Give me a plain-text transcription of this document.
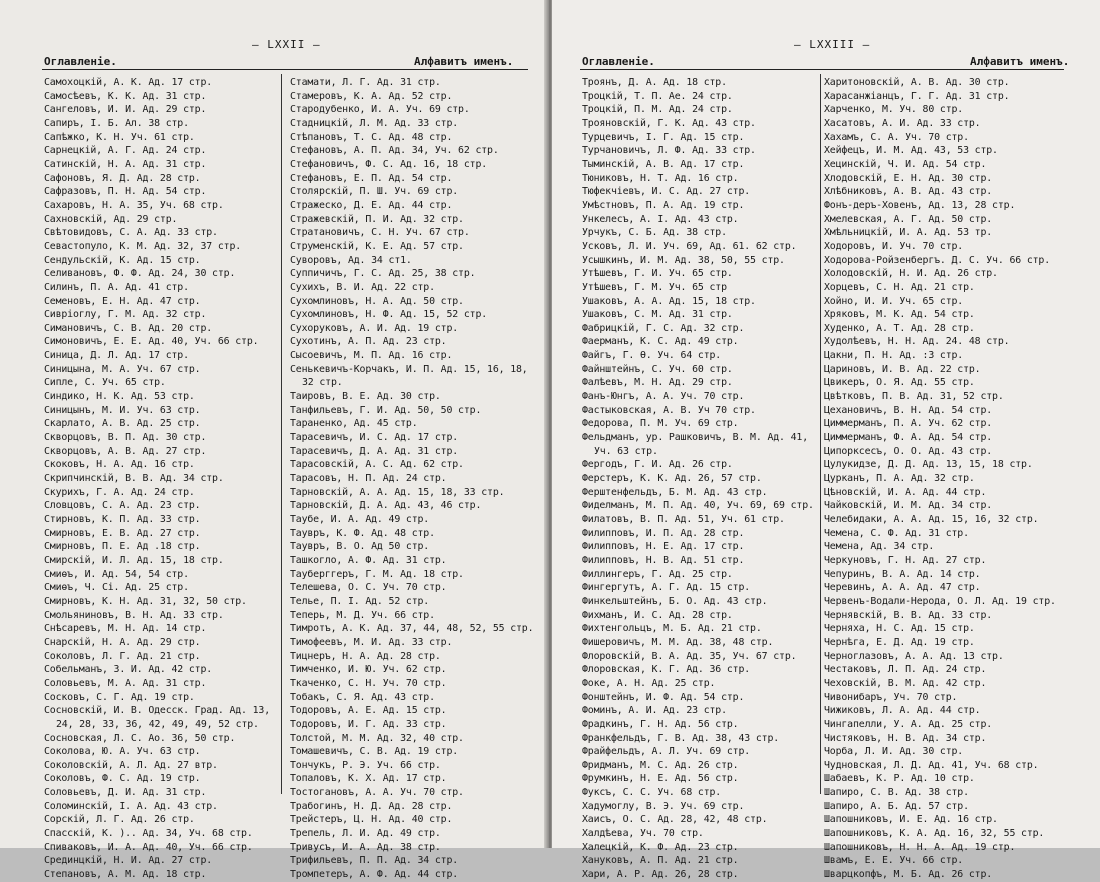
— LXXII —
Оглавленіе.	Алфавитъ именъ.
Самохоцкій, А. К. Ад. 17 стр.
Самосѣевъ, К. К. Ад. 31 стр.
Сангеловъ, И. И. Ад. 29 стр.
Сапиръ, І. Б. Ал. 38 стр.
Сапѣжко, К. Н. Уч. 61 стр.
Сарнецкій, А. Г. Ад. 24 стр.
Сатинскій, Н. А. Ад. 31 стр.
Сафоновъ, Я. Д. Ад. 28 стр.
Сафразовъ, П. Н. Ад. 54 стр.
Сахаровъ, Н. А. 35, Уч. 68 стр.
Сахновскій, Ад. 29 стр.
Свѣтовидовъ, С. А. Ад. 33 стр.
Севастопуло, К. М. Ад. 32, 37 стр.
Сендульскій, К. Ад. 15 стр.
Селивановъ, Ф. Ф. Ад. 24, 30 стр.
Силинъ, П. А. Ад. 41 стр.
Семеновъ, Е. Н. Ад. 47 стр.
Сивріоглу, Г. М. Ад. 32 стр.
Симановичъ, С. В. Ад. 20 стр.
Симоновичъ, Е. Е. Ад. 40, Уч. 66 стр.
Синица, Д. Л. Ад. 17 стр.
Синицына, М. А. Уч. 67 стр.
Сипле, С. Уч. 65 стр.
Синдико, Н. К. Ад. 53 стр.
Синицынъ, М. И. Уч. 63 стр.
Скарлато, А. В. Ад. 25 стр.
Скворцовъ, В. П. Ад. 30 стр.
Скворцовъ, А. В. Ад. 27 стр.
Скоковъ, Н. А. Ад. 16 стр.
Скрипчинскій, В. В. Ад. 34 стр.
Скурихъ, Г. А. Ад. 24 стр.
Словцовъ, С. А. Ад. 23 стр.
Стирновъ, К. П. Ад. 33 стр.
Смирновъ, Е. В. Ад. 27 стр.
Смирновъ, П. Е. Ад .18 стр.
Смирскій, И. Л. Ад. 15, 18 стр.
Смиѳъ, И. Ад. 54, 54 стр.
Смиѳъ, Ч. Сі. Ад. 25 стр.
Смирновъ, К. Н. Ад. 31, 32, 50 стр.
Смольяниновъ, В. Н. Ад. 33 стр.
Снѣсаревъ, М. Н. Ад. 14 стр.
Снарскій, Н. А. Ад. 29 стр.
Соколовъ, Л. Г. Ад. 21 стр.
Собельманъ, З. И. Ад. 42 стр.
Соловьевъ, М. А. Ад. 31 стр.
Сосковъ, С. Г. Ад. 19 стр.
Сосновскій, И. В. Одесск. Град. Ад. 13, 24, 28, 33, 36, 42, 49, 49, 52 стр.
Сосновская, Л. С. Ао. 36, 50 стр.
Соколова, Ю. А. Уч. 63 стр.
Соколовскій, А. Л. Ад. 27 втр.
Соколовъ, Ф. С. Ад. 19 стр.
Соловьевъ, Д. И. Ад. 31 стр.
Соломинскій, І. А. Ад. 43 стр.
Сорскій, Л. Г. Ад. 26 стр.
Спасскій, К. ).. Ад. 34, Уч. 68 стр.
Спиваковъ, И. А. Ад. 40, Уч. 66 стр.
Срединцкій, Н. И. Ад. 27 стр.
Степановъ, А. М. Ад. 18 стр.
Стамати, Л. Г. Ад. 31 стр.
Стамеровъ, К. А. Ад. 52 стр.
Стародубенко, И. А. Уч. 69 стр.
Стадницкій, Л. М. Ад. 33 стр.
Стѣпановъ, Т. С. Ад. 48 стр.
Стефановъ, А. П. Ад. 34, Уч. 62 стр.
Стефановичъ, Ф. С. Ад. 16, 18 стр.
Стефановъ, Е. П. Ад. 54 стр.
Столярскій, П. Ш. Уч. 69 стр.
Стражеско, Д. Е. Ад. 44 стр.
Стражевскій, П. И. Ад. 32 стр.
Стратановичъ, С. Н. Уч. 67 стр.
Струменскій, К. Е. Ад. 57 стр.
Суворовъ, Ад. 34 ст1.
Суппичичъ, Г. С. Ад. 25, 38 стр.
Сухихъ, В. И. Ад. 22 стр.
Сухомлиновъ, Н. А. Ад. 50 стр.
Сухомлиновъ, Н. Ф. Ад. 15, 52 стр.
Сухоруковъ, А. И. Ад. 19 стр.
Сухотинъ, А. П. Ад. 23 стр.
Сысоевичъ, М. П. Ад. 16 стр.
Сенькевичъ-Корчакъ, И. П. Ад. 15, 16, 18, 32 стр.
Таировъ, В. Е. Ад. 30 стр.
Танфильевъ, Г. И. Ад. 50, 50 стр.
Тараненко, Ад. 45 стр.
Тарасевичъ, И. С. Ад. 17 стр.
Тарасевичъ, Д. А. Ад. 31 стр.
Тарасовскій, А. С. Ад. 62 стр.
Тарасовъ, Н. П. Ад. 24 стр.
Тарновскій, А. А. Ад. 15, 18, 33 стр.
Тарновскій, Д. А. Ад. 43, 46 стр.
Таубе, И. А. Ад. 49 стр.
Таувръ, К. Ф. Ад. 48 стр.
Таувръ, В. О. Ад 50 стр.
Ташкогло, А. Ф. Ад. 31 стр.
Тауберггеръ, Г. М. Ад. 18 стр.
Телешева, О. С. Уч. 70 стр.
Телье, П. І. Ад. 52 стр.
Теперь, М. Д. Уч. 66 стр.
Тимротъ, А. К. Ад. 37, 44, 48, 52, 55 стр.
Тимофеевъ, М. И. Ад. 33 стр.
Тицнеръ, Н. А. Ад. 28 стр.
Тимченко, И. Ю. Уч. 62 стр.
Ткаченко, С. Н. Уч. 70 стр.
Тобакъ, С. Я. Ад. 43 стр.
Тодоровъ, А. Е. Ад. 15 стр.
Тодоровъ, И. Г. Ад. 33 стр.
Толстой, М. М. Ад. 32, 40 стр.
Томашевичъ, С. В. Ад. 19 стр.
Тончукъ, Р. Э. Уч. 66 стр.
Топаловъ, К. Х. Ад. 17 стр.
Тостогановъ, А. А. Уч. 70 стр.
Трабогинъ, Н. Д. Ад. 28 стр.
Трейстеръ, Ц. Н. Ад. 40 стр.
Трепель, Л. И. Ад. 49 стр.
Тривусъ, И. А. Ад. 38 стр.
Трифильевъ, П. П. Ад. 34 стр.
Тромпетеръ, А. Ф. Ад. 44 стр.
— LXXIII —
Оглавленіе.	Алфавитъ именъ.
Троянъ, Д. А. Ад. 18 стр.
Троцкій, Т. П. Ае. 24 стр.
Троцкій, П. М. Ад. 24 стр.
Трояновскій, Г. К. Ад. 43 стр.
Турцевичъ, І. Г. Ад. 15 стр.
Турчановичъ, Л. Ф. Ад. 33 стр.
Тыминскій, А. В. Ад. 17 стр.
Тюниковъ, Н. Т. Ад. 16 стр.
Тюфекчіевъ, И. С. Ад. 27 стр.
Умѣстновъ, П. А. Ад. 19 стр.
Ункелесъ, А. І. Ад. 43 стр.
Урчукъ, С. Б. Ад. 38 стр.
Усковъ, Л. И. Уч. 69, Ад. 61. 62 стр.
Усышкинъ, И. М. Ад. 38, 50, 55 стр.
Утѣшевъ, Г. И. Уч. 65 стр.
Утѣшевъ, Г. М. Уч. 65 стр
Ушаковъ, А. А. Ад. 15, 18 стр.
Ушаковъ, С. М. Ад. 31 стр.
Фабрицкій, Г. С. Ад. 32 стр.
Фаерманъ, К. С. Ад. 49 стр.
Файгъ, Г. Ѳ. Уч. 64 стр.
Файнштейнъ, С. Уч. 60 стр.
Фалѣевъ, М. Н. Ад. 29 стр.
Фанъ-Юнгъ, А. А. Уч. 70 стр.
Фастыковская, А. В. Уч 70 стр.
Федорова, П. М. Уч. 69 стр.
Фельдманъ, ур. Рашковичъ, В. М. Ад. 41, Уч. 63 стр.
Фергодъ, Г. И. Ад. 26 стр.
Ферстеръ, К. К. Ад. 26, 57 стр.
Ферштенфельдъ, Б. М. Ад. 43 стр.
Фиделманъ, М. П. Ад. 40, Уч. 69, 69 стр.
Филатовъ, В. П. Ад. 51, Уч. 61 стр.
Филипповъ, И. П. Ад. 28 стр.
Филипповъ, Н. Е. Ад. 17 стр.
Филипповъ, Н. В. Ад. 51 стр.
Филлингеръ, Г. Ад. 25 стр.
Фингергутъ, А. Г. Ад. 15 стр.
Финкельштейнъ, Б. О. Ад. 43 стр.
Фихманъ, И. С. Ад. 28 стр.
Фихтенгольцъ, М. Б. Ад. 21 стр.
Фишеровичъ, М. М. Ад. 38, 48 стр.
Флоровскій, В. А. Ад. 35, Уч. 67 стр.
Флоровская, К. Г. Ад. 36 стр.
Фоке, А. Н. Ад. 25 стр.
Фонштейнъ, И. Ф. Ад. 54 стр.
Фоминъ, А. И. Ад. 23 стр.
Фрадкинъ, Г. Н. Ад. 56 стр.
Франкфельдъ, Г. В. Ад. 38, 43 стр.
Фрайфельдъ, А. Л. Уч. 69 стр.
Фридманъ, М. С. Ад. 26 стр.
Фрумкинъ, Н. Е. Ад. 56 стр.
Фуксъ, С. С. Уч. 68 стр.
Хадумоглу, В. Э. Уч. 69 стр.
Хаисъ, О. С. Ад. 28, 42, 48 стр.
Халдѣева, Уч. 70 стр.
Халецкій, К. Ф. Ад. 23 стр.
Хануковъ, А. П. Ад. 21 стр.
Хари, А. Р. Ад. 26, 28 стр.
Харитоновскій, А. В. Ад. 30 стр.
Харасанжіанцъ, Г. Г. Ад. 31 стр.
Харченко, М. Уч. 80 стр.
Хасатовъ, А. И. Ад. 33 стр.
Хахамъ, С. А. Уч. 70 стр.
Хейфецъ, И. М. Ад. 43, 53 стр.
Хецинскій, Ч. И. Ад. 54 стр.
Хлодовскій, Е. Н. Ад. 30 стр.
Хлѣбниковъ, А. В. Ад. 43 стр.
Фонъ-деръ-Ховенъ, Ад. 13, 28 стр.
Хмелевская, А. Г. Ад. 50 стр.
Хмѣльницкій, И. А. Ад. 53 тр.
Ходоровъ, И. Уч. 70 стр.
Ходорова-Ройзенбергъ. Д. С. Уч. 66 стр.
Холодовскій, Н. И. Ад. 26 стр.
Хорцевъ, С. Н. Ад. 21 стр.
Хойно, И. И. Уч. 65 стр.
Хряковъ, М. К. Ад. 54 стр.
Худенко, А. Т. Ад. 28 стр.
Худолѣевъ, Н. Н. Ад. 24. 48 стр.
Цакни, П. Н. Ад. :3 стр.
Цариновъ, И. В. Ад. 22 стр.
Цвикеръ, О. Я. Ад. 55 стр.
Цвѣтковъ, П. В. Ад. 31, 52 стр.
Цехановичъ, В. Н. Ад. 54 стр.
Циммерманъ, П. А. Уч. 62 стр.
Циммерманъ, Ф. А. Ад. 54 стр.
Ципорксесъ, О. О. Ад. 43 стр.
Цулукидзе, Д. Д. Ад. 13, 15, 18 стр.
Цурканъ, П. А. Ад. 32 стр.
Цѣновскій, И. А. Ад. 44 стр.
Чайковскій, И. М. Ад. 34 стр.
Челебидаки, А. А. Ад. 15, 16, 32 стр.
Чемена, С. Ф. Ад. 31 стр.
Чемена, Ад. 34 стр.
Черкуновъ, Г. Н. Ад. 27 стр.
Чепуринъ, В. А. Ад. 14 стр.
Черевинъ, А. А. Ад. 47 стр.
Червенъ-Водали-Нерода, О. Л. Ад. 19 стр.
Чернявскій, В. В. Ад. 33 стр.
Черняха, Н. С. Ад. 15 стр.
Чернѣга, Е. Д. Ад. 19 стр.
Черноглазовъ, А. А. Ад. 13 стр.
Честаковъ, Л. П. Ад. 24 стр.
Чеховскій, В. М. Ад. 42 стр.
Чивонибаръ, Уч. 70 стр.
Чижиковъ, Л. А. Ад. 44 стр.
Чингапелли, У. А. Ад. 25 стр.
Чистяковъ, Н. В. Ад. 34 стр.
Чорба, Л. И. Ад. 30 стр.
Чудновская, Л. Д. Ад. 41, Уч. 68 стр.
Шабаевъ, К. Р. Ад. 10 стр.
Шапиро, С. В. Ад. 38 стр.
Шапиро, А. Б. Ад. 57 стр.
Шапошниковъ, И. Е. Ад. 16 стр.
Шапошниковъ, К. А. Ад. 16, 32, 55 стр.
Шапошниковъ, Н. Н. А. Ад. 19 стр.
Швамъ, Е. Е. Уч. 66 стр.
Шварцкопфъ, М. Б. Ад. 26 стр.
